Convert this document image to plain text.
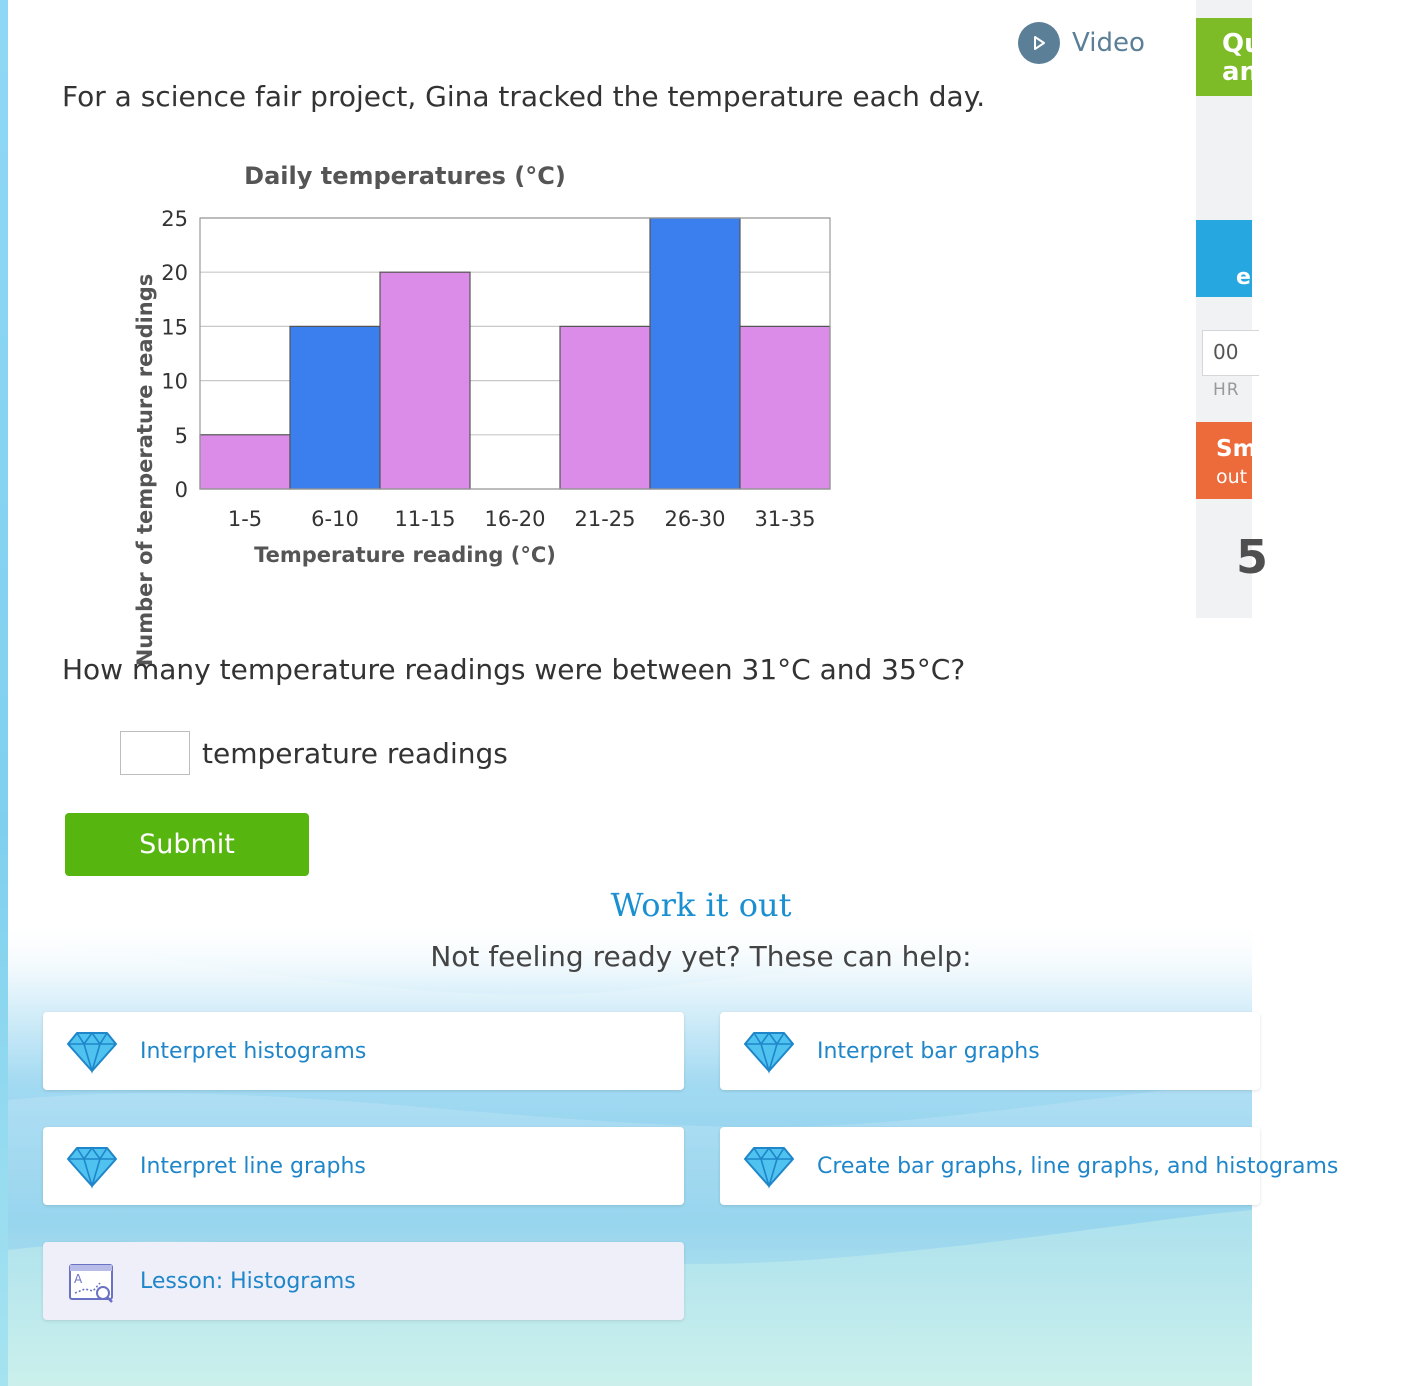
Video	Qu
an
e
00
HR
Sm
out
5

For a science fair project, Gina tracked the temperature each day.

Daily temperatures (°C)
0
5
10
15
20
25
1-5 6-10 11-15 16-20 21-25 26-30 31-35
Temperature reading (°C)
Number of temperature readings

How many temperature readings were between 31°C and 35°C?

temperature readings
Submit
Work it out
Not feeling ready yet? These can help:
Interpret histograms	Interpret bar graphs
Interpret line graphs	Create bar graphs, line graphs, and histograms
A	Lesson: Histograms
